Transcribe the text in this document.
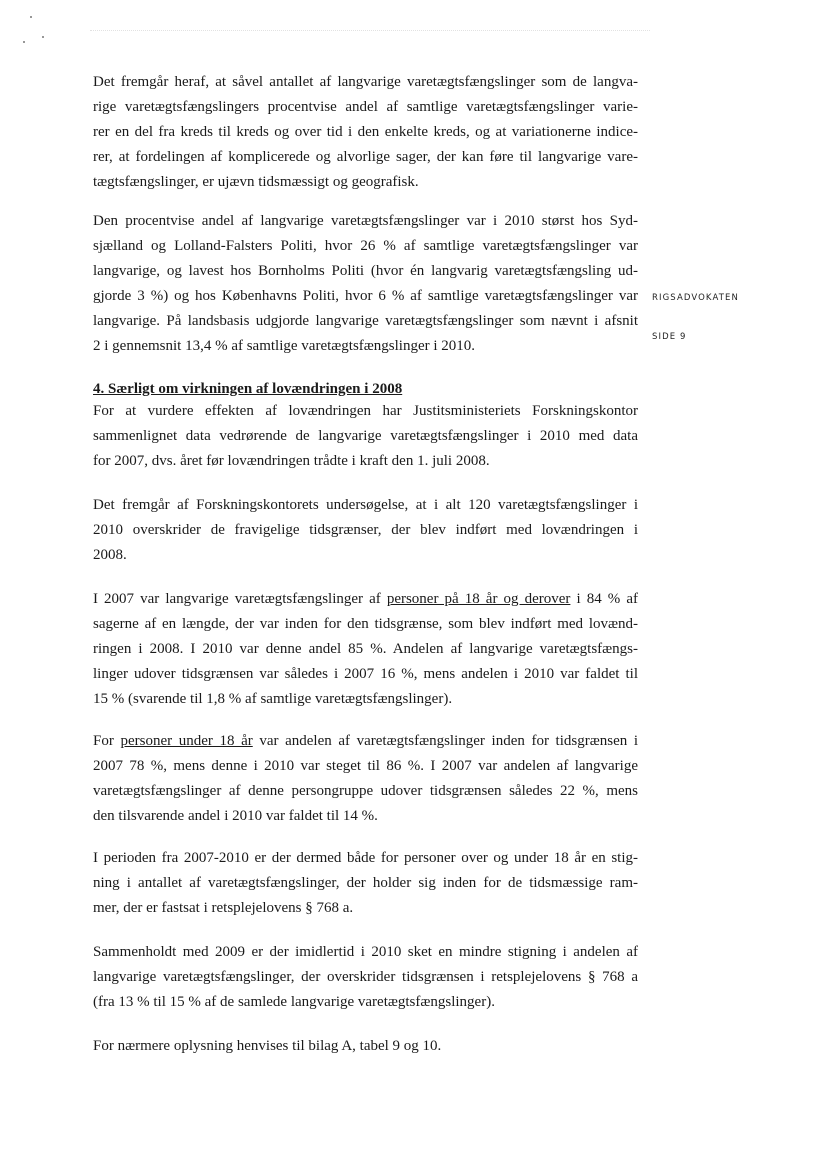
Det fremgår heraf, at såvel antallet af langvarige varetægtsfængslinger som de langva-
rige varetægtsfængslingers procentvise andel af samtlige varetægtsfængslinger varie-
rer en del fra kreds til kreds og over tid i den enkelte kreds, og at variationerne indice-
rer, at fordelingen af komplicerede og alvorlige sager, der kan føre til langvarige vare-
tægtsfængslinger, er ujævn tidsmæssigt og geografisk.

Den procentvise andel af langvarige varetægtsfængslinger var i 2010 størst hos Syd-
sjælland og Lolland-Falsters Politi, hvor 26 % af samtlige varetægtsfængslinger var
langvarige, og lavest hos Bornholms Politi (hvor én langvarig varetægtsfængsling ud-
gjorde 3 %) og hos Københavns Politi, hvor 6 % af samtlige varetægtsfængslinger var
langvarige. På landsbasis udgjorde langvarige varetægtsfængslinger som nævnt i afsnit
2 i gennemsnit 13,4 % af samtlige varetægtsfængslinger i 2010.

RIGSADVOKATEN
SIDE 9
4. Særligt om virkningen af lovændringen i 2008

For at vurdere effekten af lovændringen har Justitsministeriets Forskningskontor
sammenlignet data vedrørende de langvarige varetægtsfængslinger i 2010 med data
for 2007, dvs. året før lovændringen trådte i kraft den 1. juli 2008.

Det fremgår af Forskningskontorets undersøgelse, at i alt 120 varetægtsfængslinger i
2010 overskrider de fravigelige tidsgrænser, der blev indført med lovændringen i
2008.

I 2007 var langvarige varetægtsfængslinger af personer på 18 år og derover i 84 % af
sagerne af en længde, der var inden for den tidsgrænse, som blev indført med lovænd-
ringen i 2008. I 2010 var denne andel 85 %. Andelen af langvarige varetægtsfængs-
linger udover tidsgrænsen var således i 2007 16 %, mens andelen i 2010 var faldet til
15 % (svarende til 1,8 % af samtlige varetægtsfængslinger).

For personer under 18 år var andelen af varetægtsfængslinger inden for tidsgrænsen i
2007 78 %, mens denne i 2010 var steget til 86 %. I 2007 var andelen af langvarige
varetægtsfængslinger af denne persongruppe udover tidsgrænsen således 22 %, mens
den tilsvarende andel i 2010 var faldet til 14 %.

I perioden fra 2007-2010 er der dermed både for personer over og under 18 år en stig-
ning i antallet af varetægtsfængslinger, der holder sig inden for de tidsmæssige ram-
mer, der er fastsat i retsplejelovens § 768 a.

Sammenholdt med 2009 er der imidlertid i 2010 sket en mindre stigning i andelen af
langvarige varetægtsfængslinger, der overskrider tidsgrænsen i retsplejelovens § 768 a
(fra 13 % til 15 % af de samlede langvarige varetægtsfængslinger).

For nærmere oplysning henvises til bilag A, tabel 9 og 10.
